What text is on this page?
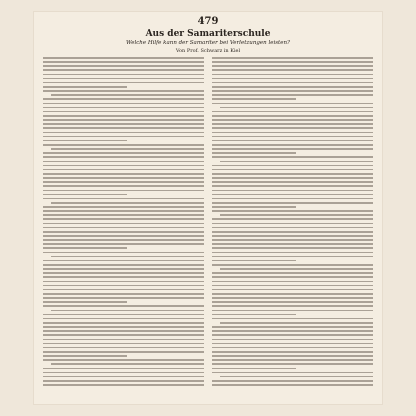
479
Aus der Samariterschule
Welche Hilfe kann der Samariter bei Verletzungen leisten?
Von Prof. Schwarz in Kiel
